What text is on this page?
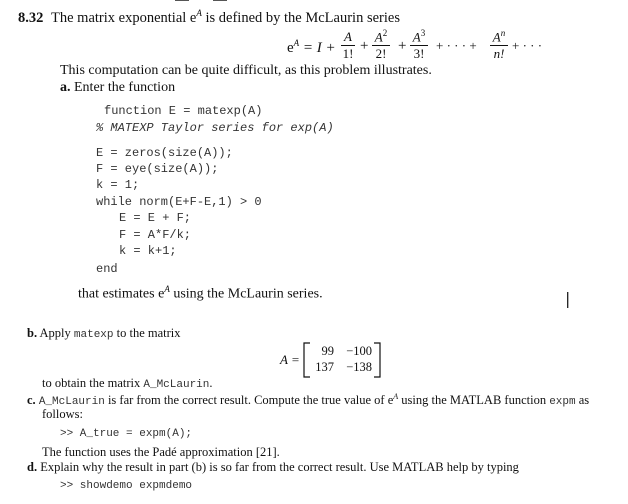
8.32 The matrix exponential $e^A$ is defined by the McLaurin series
$e^A = I$ +
A
1! +
$A^2$
2! +
$A^3$
3!
+ · · · +
$A^n$
n!
+ · · ·
This computation can be quite difficult, as this problem illustrates.
a. Enter the function
function E = matexp(A)
% MATEXP Taylor series for exp(A)
E = zeros(size(A));
F = eye(size(A));
k = 1;
while norm(E+F-E,1) > 0
E = E + F;
F = A*F/k;
k = k+1;
end
that estimates $e^A$ using the McLaurin series.	|
b. Apply matexp to the matrix
A =
99 −100
137 −138
to obtain the matrix A_McLaurin.
c. A_McLaurin is far from the correct result. Compute the true value of $e^A$ using the MATLAB function expm as
follows:
>> A_true = expm(A);
The function uses the Padé approximation [21].
d. Explain why the result in part (b) is so far from the correct result. Use MATLAB help by typing
>> showdemo expmdemo
